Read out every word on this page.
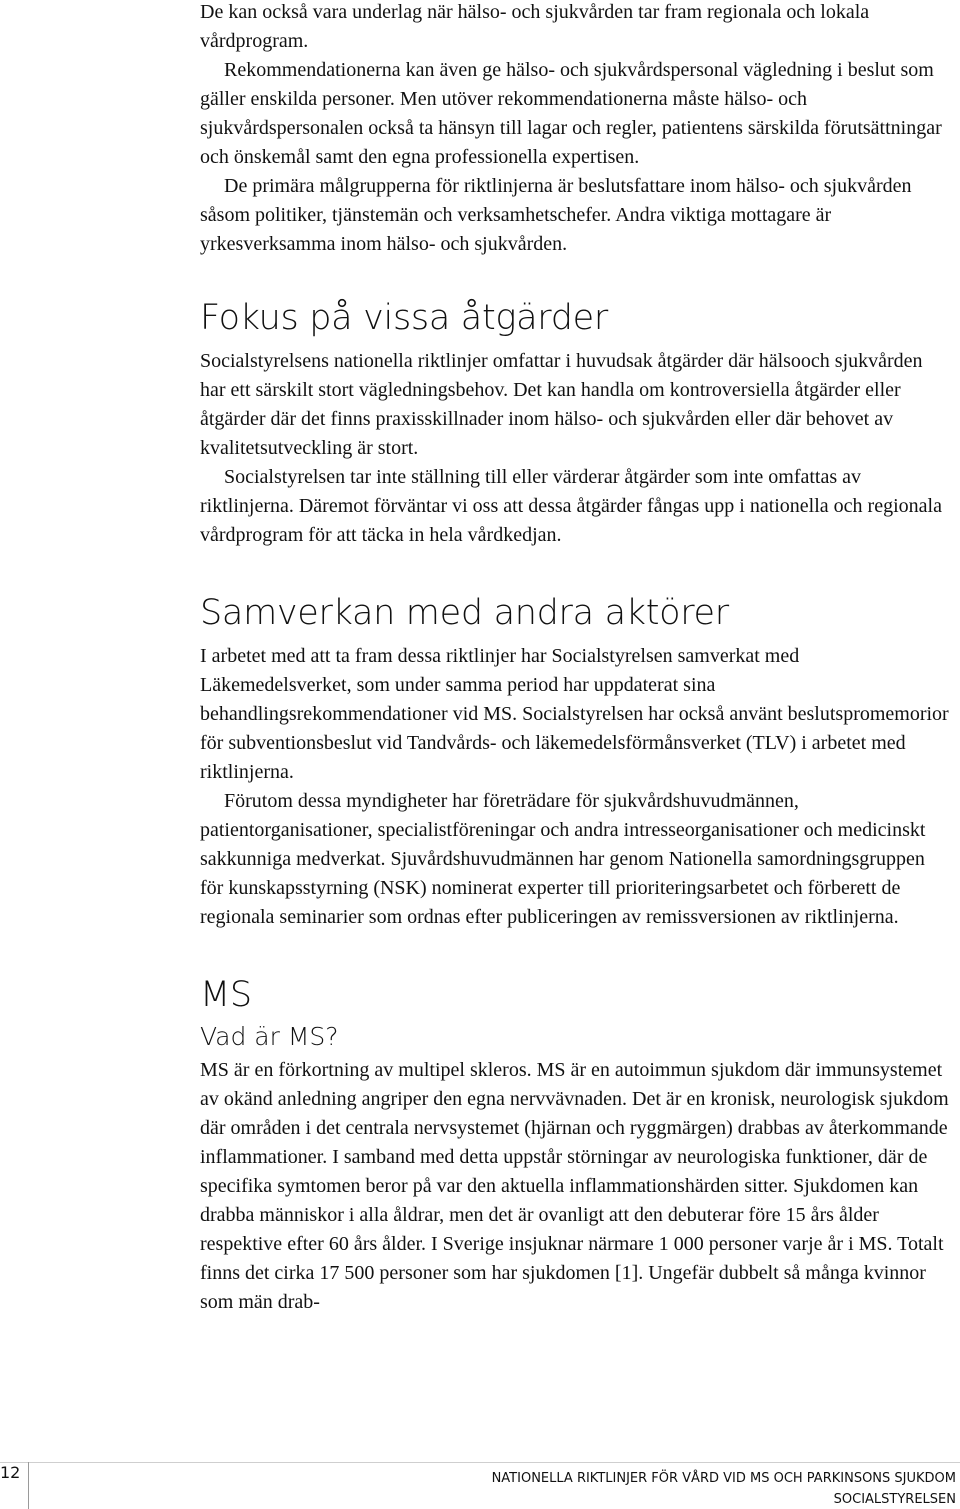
De kan också vara underlag när hälso- och sjukvården tar fram regionala och lokala vårdprogram.

Rekommendationerna kan även ge hälso- och sjukvårdspersonal vägledning i beslut som gäller enskilda personer. Men utöver rekommendationerna måste hälso- och sjukvårdspersonalen också ta hänsyn till lagar och regler, patientens särskilda förutsättningar och önskemål samt den egna professionella expertisen.

De primära målgrupperna för riktlinjerna är beslutsfattare inom hälso- och sjukvården såsom politiker, tjänstemän och verksamhetschefer. Andra viktiga mottagare är yrkesverksamma inom hälso- och sjukvården.

Fokus på vissa åtgärder

Socialstyrelsens nationella riktlinjer omfattar i huvudsak åtgärder där hälsooch sjukvården har ett särskilt stort vägledningsbehov. Det kan handla om kontroversiella åtgärder eller åtgärder där det finns praxisskillnader inom hälso- och sjukvården eller där behovet av kvalitetsutveckling är stort.

Socialstyrelsen tar inte ställning till eller värderar åtgärder som inte omfattas av riktlinjerna. Däremot förväntar vi oss att dessa åtgärder fångas upp i nationella och regionala vårdprogram för att täcka in hela vårdkedjan.

Samverkan med andra aktörer

I arbetet med att ta fram dessa riktlinjer har Socialstyrelsen samverkat med Läkemedelsverket, som under samma period har uppdaterat sina behandlingsrekommendationer vid MS. Socialstyrelsen har också använt beslutspromemorior för subventionsbeslut vid Tandvårds- och läkemedelsförmånsverket (TLV) i arbetet med riktlinjerna.

Förutom dessa myndigheter har företrädare för sjukvårdshuvudmännen, patientorganisationer, specialistföreningar och andra intresseorganisationer och medicinskt sakkunniga medverkat. Sjuvårdshuvudmännen har genom Nationella samordningsgruppen för kunskapsstyrning (NSK) nominerat experter till prioriteringsarbetet och förberett de regionala seminarier som ordnas efter publiceringen av remissversionen av riktlinjerna.

MS
Vad är MS?

MS är en förkortning av multipel skleros. MS är en autoimmun sjukdom där immunsystemet av okänd anledning angriper den egna nervvävnaden. Det är en kronisk, neurologisk sjukdom där områden i det centrala nervsystemet (hjärnan och ryggmärgen) drabbas av återkommande inflammationer. I samband med detta uppstår störningar av neurologiska funktioner, där de specifika symtomen beror på var den aktuella inflammationshärden sitter. Sjukdomen kan drabba människor i alla åldrar, men det är ovanligt att den debuterar före 15 års ålder respektive efter 60 års ålder. I Sverige insjuknar närmare 1 000 personer varje år i MS. Totalt finns det cirka 17 500 personer som har sjukdomen [1]. Ungefär dubbelt så många kvinnor som män drab-

12	NATIONELLA RIKTLINJER FÖR VÅRD VID MS OCH PARKINSONS SJUKDOM
SOCIALSTYRELSEN
